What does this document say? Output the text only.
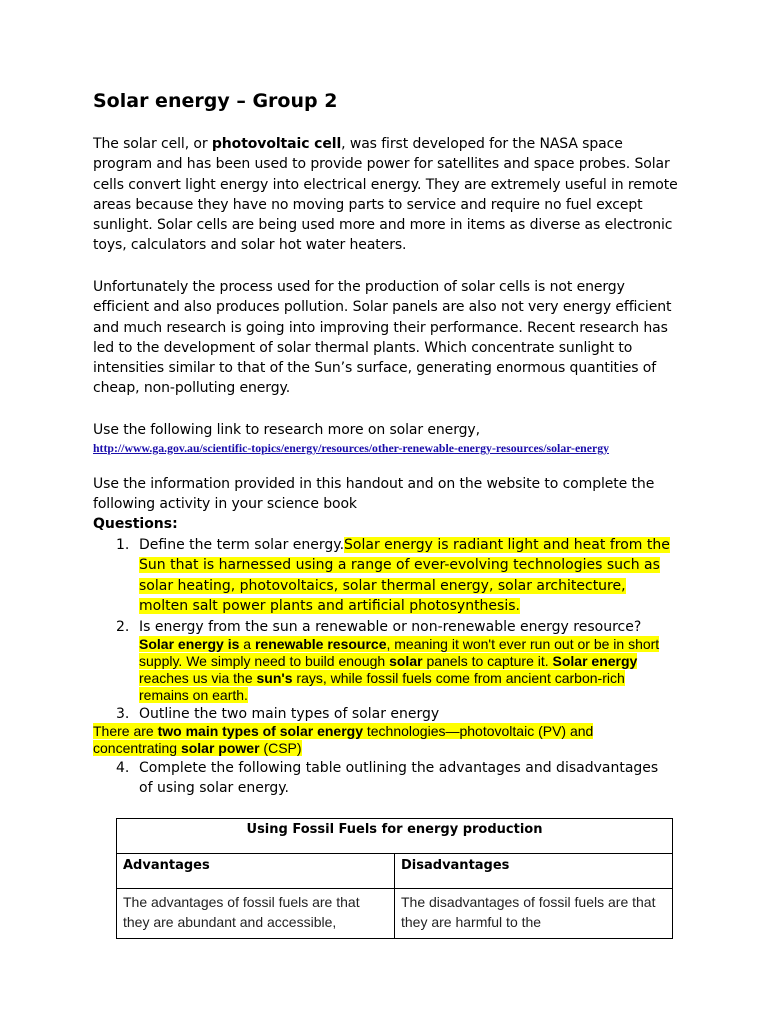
Solar energy – Group 2
The solar cell, or photovoltaic cell, was first developed for the NASA space program and has been used to provide power for satellites and space probes. Solar cells convert light energy into electrical energy. They are extremely useful in remote areas because they have no moving parts to service and require no fuel except sunlight. Solar cells are being used more and more in items as diverse as electronic toys, calculators and solar hot water heaters.
Unfortunately the process used for the production of solar cells is not energy efficient and also produces pollution. Solar panels are also not very energy efficient and much research is going into improving their performance. Recent research has led to the development of solar thermal plants. Which concentrate sunlight to intensities similar to that of the Sun’s surface, generating enormous quantities of cheap, non-polluting energy.
Use the following link to research more on solar energy,
http://www.ga.gov.au/scientific-topics/energy/resources/other-renewable-energy-resources/solar-energy
Use the information provided in this handout and on the website to complete the following activity in your science book
Questions:
1. Define the term solar energy.Solar energy is radiant light and heat from the Sun that is harnessed using a range of ever-evolving technologies such as solar heating, photovoltaics, solar thermal energy, solar architecture, molten salt power plants and artificial photosynthesis.
2. Is energy from the sun a renewable or non-renewable energy resource?
Solar energy is a renewable resource, meaning it won't ever run out or be in short supply. We simply need to build enough solar panels to capture it. Solar energy reaches us via the sun's rays, while fossil fuels come from ancient carbon-rich remains on earth.
3. Outline the two main types of solar energy
There are two main types of solar energy technologies—photovoltaic (PV) and concentrating solar power (CSP)
4. Complete the following table outlining the advantages and disadvantages of using solar energy.
Using Fossil Fuels for energy production	
Advantages	Disadvantages
The advantages of fossil fuels are that they are abundant and accessible,	The disadvantages of fossil fuels are that they are harmful to the
